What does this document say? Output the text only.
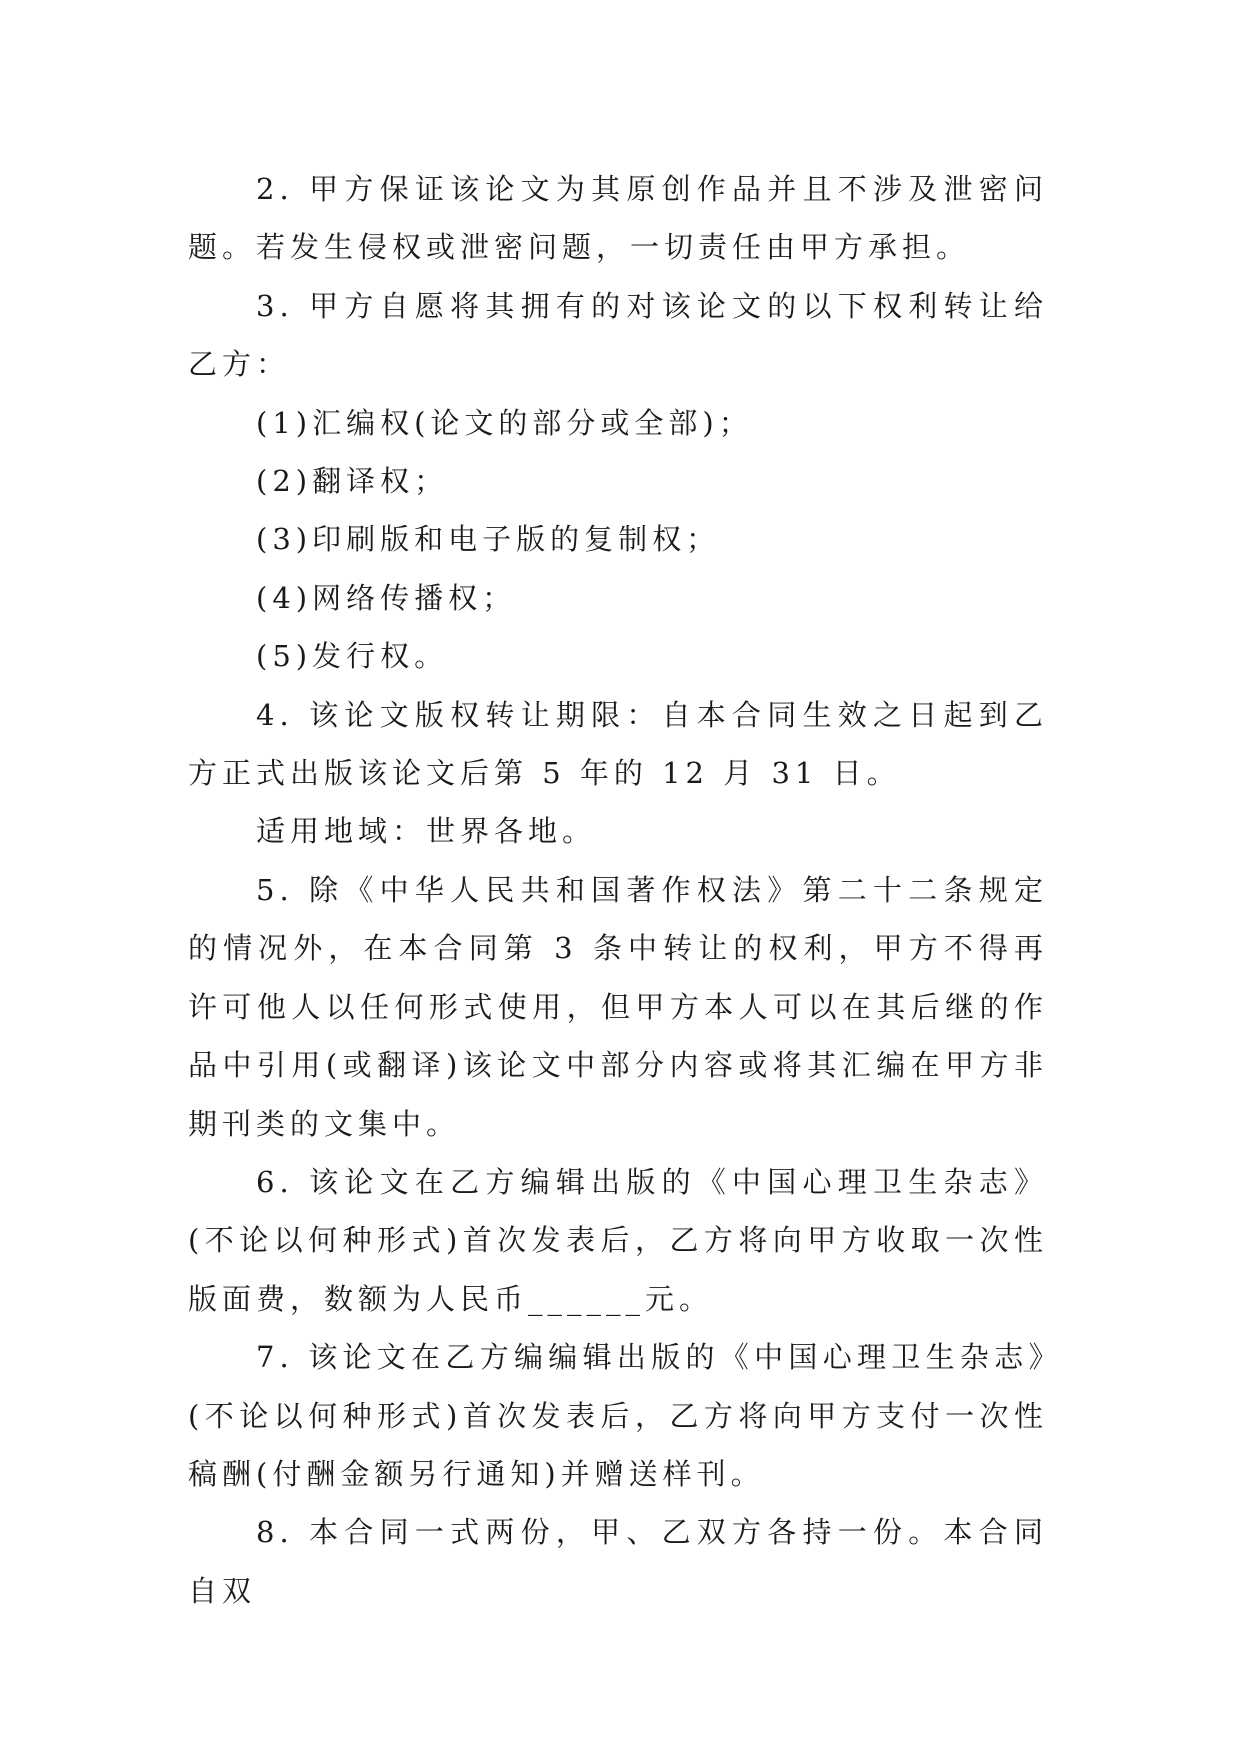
2. 甲方保证该论文为其原创作品并且不涉及泄密问题。若发生侵权或泄密问题，一切责任由甲方承担。

3. 甲方自愿将其拥有的对该论文的以下权利转让给乙方：

(1)汇编权(论文的部分或全部)；

(2)翻译权；

(3)印刷版和电子版的复制权；

(4)网络传播权；

(5)发行权。

4. 该论文版权转让期限：自本合同生效之日起到乙方正式出版该论文后第 5 年的 12 月 31 日。

适用地域：世界各地。

5. 除《中华人民共和国著作权法》第二十二条规定的情况外，在本合同第 3 条中转让的权利，甲方不得再许可他人以任何形式使用，但甲方本人可以在其后继的作品中引用(或翻译)该论文中部分内容或将其汇编在甲方非期刊类的文集中。

6. 该论文在乙方编辑出版的《中国心理卫生杂志》(不论以何种形式)首次发表后，乙方将向甲方收取一次性版面费，数额为人民币______元。

7. 该论文在乙方编编辑出版的《中国心理卫生杂志》(不论以何种形式)首次发表后，乙方将向甲方支付一次性稿酬(付酬金额另行通知)并赠送样刊。

8. 本合同一式两份，甲、乙双方各持一份。本合同自双
